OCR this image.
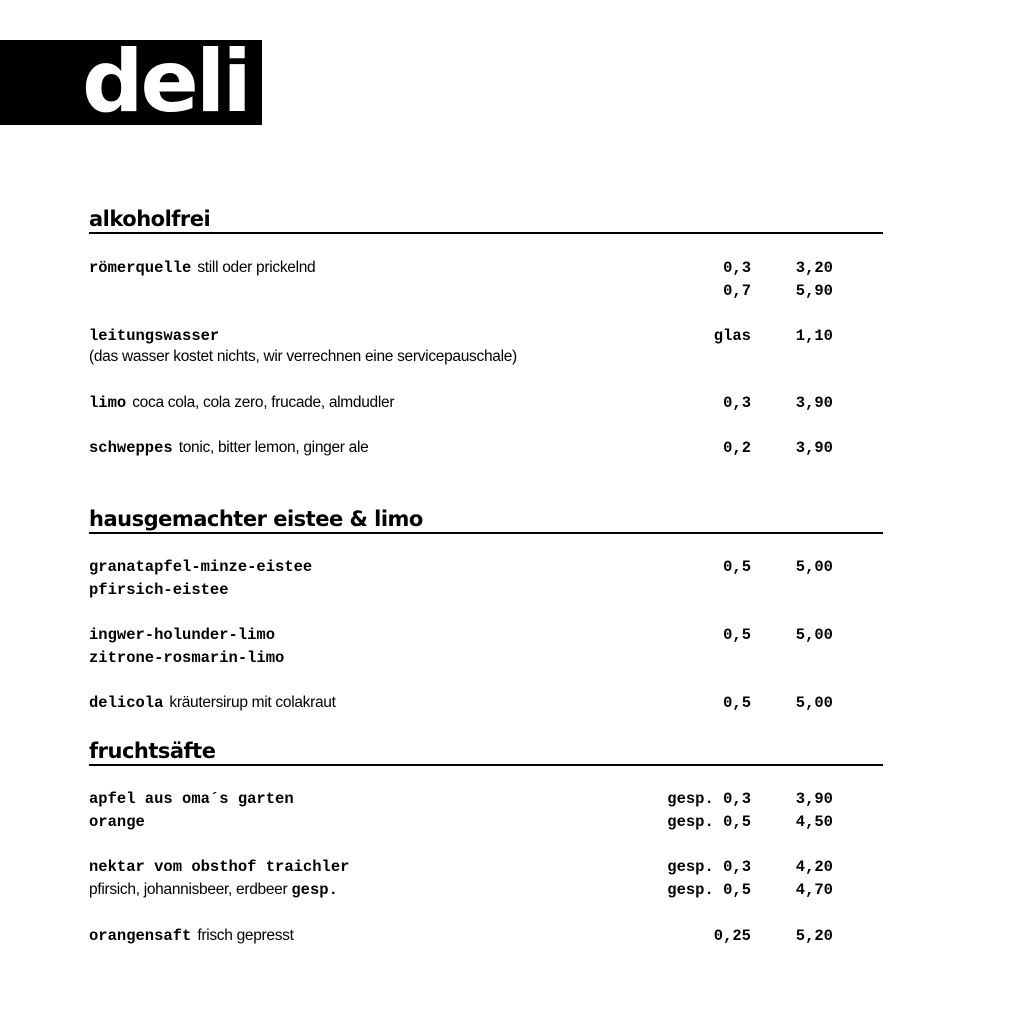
deli
alkoholfrei
römerquelle still oder prickelnd	0,3	3,20
0,7	5,90
leitungswasser	glas	1,10
(das wasser kostet nichts, wir verrechnen eine servicepauschale)
limo coca cola, cola zero, frucade, almdudler	0,3	3,90
schweppes tonic, bitter lemon, ginger ale	0,2	3,90
hausgemachter eistee & limo
granatapfel-minze-eistee	0,5	5,00
pfirsich-eistee
ingwer-holunder-limo	0,5	5,00
zitrone-rosmarin-limo
delicola kräutersirup mit colakraut	0,5	5,00
fruchtsäfte
apfel aus oma´s garten	gesp. 0,3	3,90
orange	gesp. 0,5	4,50
nektar vom obsthof traichler	gesp. 0,3	4,20
pfirsich, johannisbeer, erdbeer gesp.	gesp. 0,5	4,70
orangensaft frisch gepresst	0,25	5,20
